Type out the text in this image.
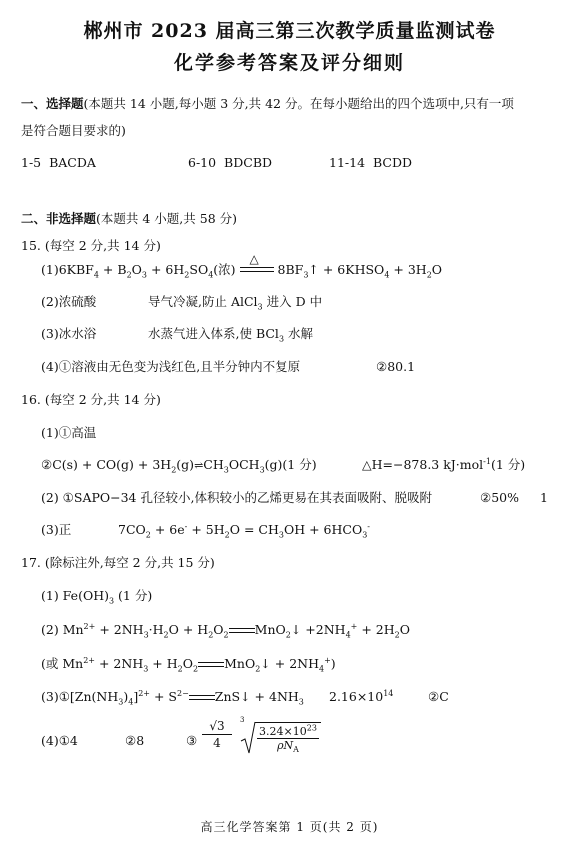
郴州市 2023 届高三第三次教学质量监测试卷
化学参考答案及评分细则
一、选择题(本题共 14 小题,每小题 3 分,共 42 分。在每小题给出的四个选项中,只有一项
是符合题目要求的)
1-5 BACDA	6-10 BDCBD	11-14 BCDD
二、非选择题(本题共 4 小题,共 58 分)
15. (每空 2 分,共 14 分)
$(1)6KBF_4 + B_2O_3 + 6H_2SO_4$(浓)
△
$8BF_3↑$ + $6KHSO_4 + 3H_2O$
(2)浓硫酸	导气冷凝,防止 AlCl$_3$ 进入 D 中
(3)冰水浴	水蒸气进入体系,使 BCl$_3$ 水解
(4)①溶液由无色变为浅红色,且半分钟内不复原	②80.1
16. (每空 2 分,共 14 分)
(1)①高温
②C(s) + $CO(g) + 3H_2(g)\rightleftharpoons CH_3OCH_3(g)(1$ 分)	△H=−878.3 kJ·mol$^{-1}$(1 分)
(2) ①SAPO−34 孔径较小,体积较小的乙烯更易在其表面吸附、脱吸附	②50% 1
(3)正	$7CO_2 + 6e^- + 5H_2O = CH_3OH + 6HCO_3^-$
17. (除标注外,每空 2 分,共 15 分)
(1) $Fe(OH)_3$ (1 分)
(2) $Mn^{2+} + 2NH_3\cdot H_2O + H_2O_2$ MnO$_2$↓ $+2NH_4^+ + 2H_2O$
(或 $Mn^{2+} + 2NH_3 + H_2O_2$ MnO$_2$↓ + $2NH_4^+$)
$(3)①[Zn(NH_3)_4]^{2+} + S^{2-}$ ZnS↓ + $4NH_3$ $2.16\times 10^{14}$	②C
(4)①4	②8	③ $\frac{√3}{4} 3$
$3.24\times 10^{23}$
$\rho N_A$
高三化学答案第 1 页(共 2 页)
